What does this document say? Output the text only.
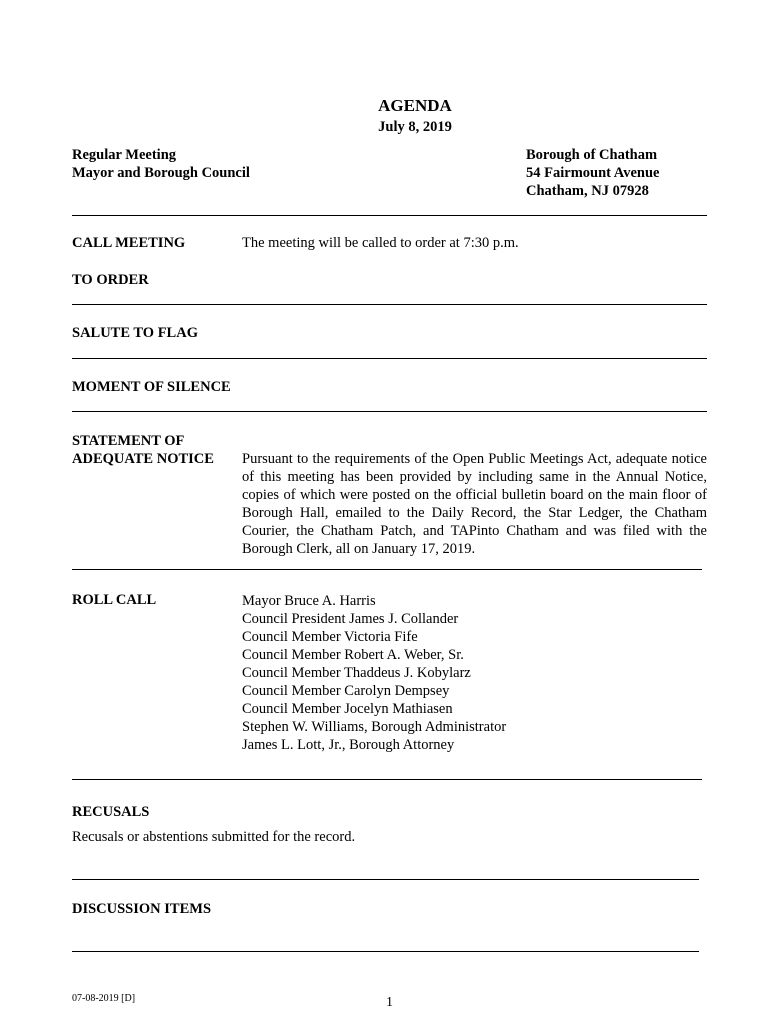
AGENDA
July 8, 2019
Regular Meeting
Mayor and Borough Council
Borough of Chatham
54 Fairmount Avenue
Chatham, NJ 07928
CALL MEETING	The meeting will be called to order at 7:30 p.m.
TO ORDER
SALUTE TO FLAG
MOMENT OF SILENCE
STATEMENT OF
ADEQUATE NOTICE Pursuant to the requirements of the Open Public Meetings Act, adequate notice of this meeting has been provided by including same in the Annual Notice, copies of which were posted on the official bulletin board on the main floor of Borough Hall, emailed to the Daily Record, the Star Ledger, the Chatham Courier, the Chatham Patch, and TAPinto Chatham and was filed with the Borough Clerk, all on January 17, 2019.
ROLL CALL	Mayor Bruce A. Harris
Council President James J. Collander
Council Member Victoria Fife
Council Member Robert A. Weber, Sr.
Council Member Thaddeus J. Kobylarz
Council Member Carolyn Dempsey
Council Member Jocelyn Mathiasen
Stephen W. Williams, Borough Administrator
James L. Lott, Jr., Borough Attorney
RECUSALS
Recusals or abstentions submitted for the record.
DISCUSSION ITEMS
07-08-2019 [D]	1
